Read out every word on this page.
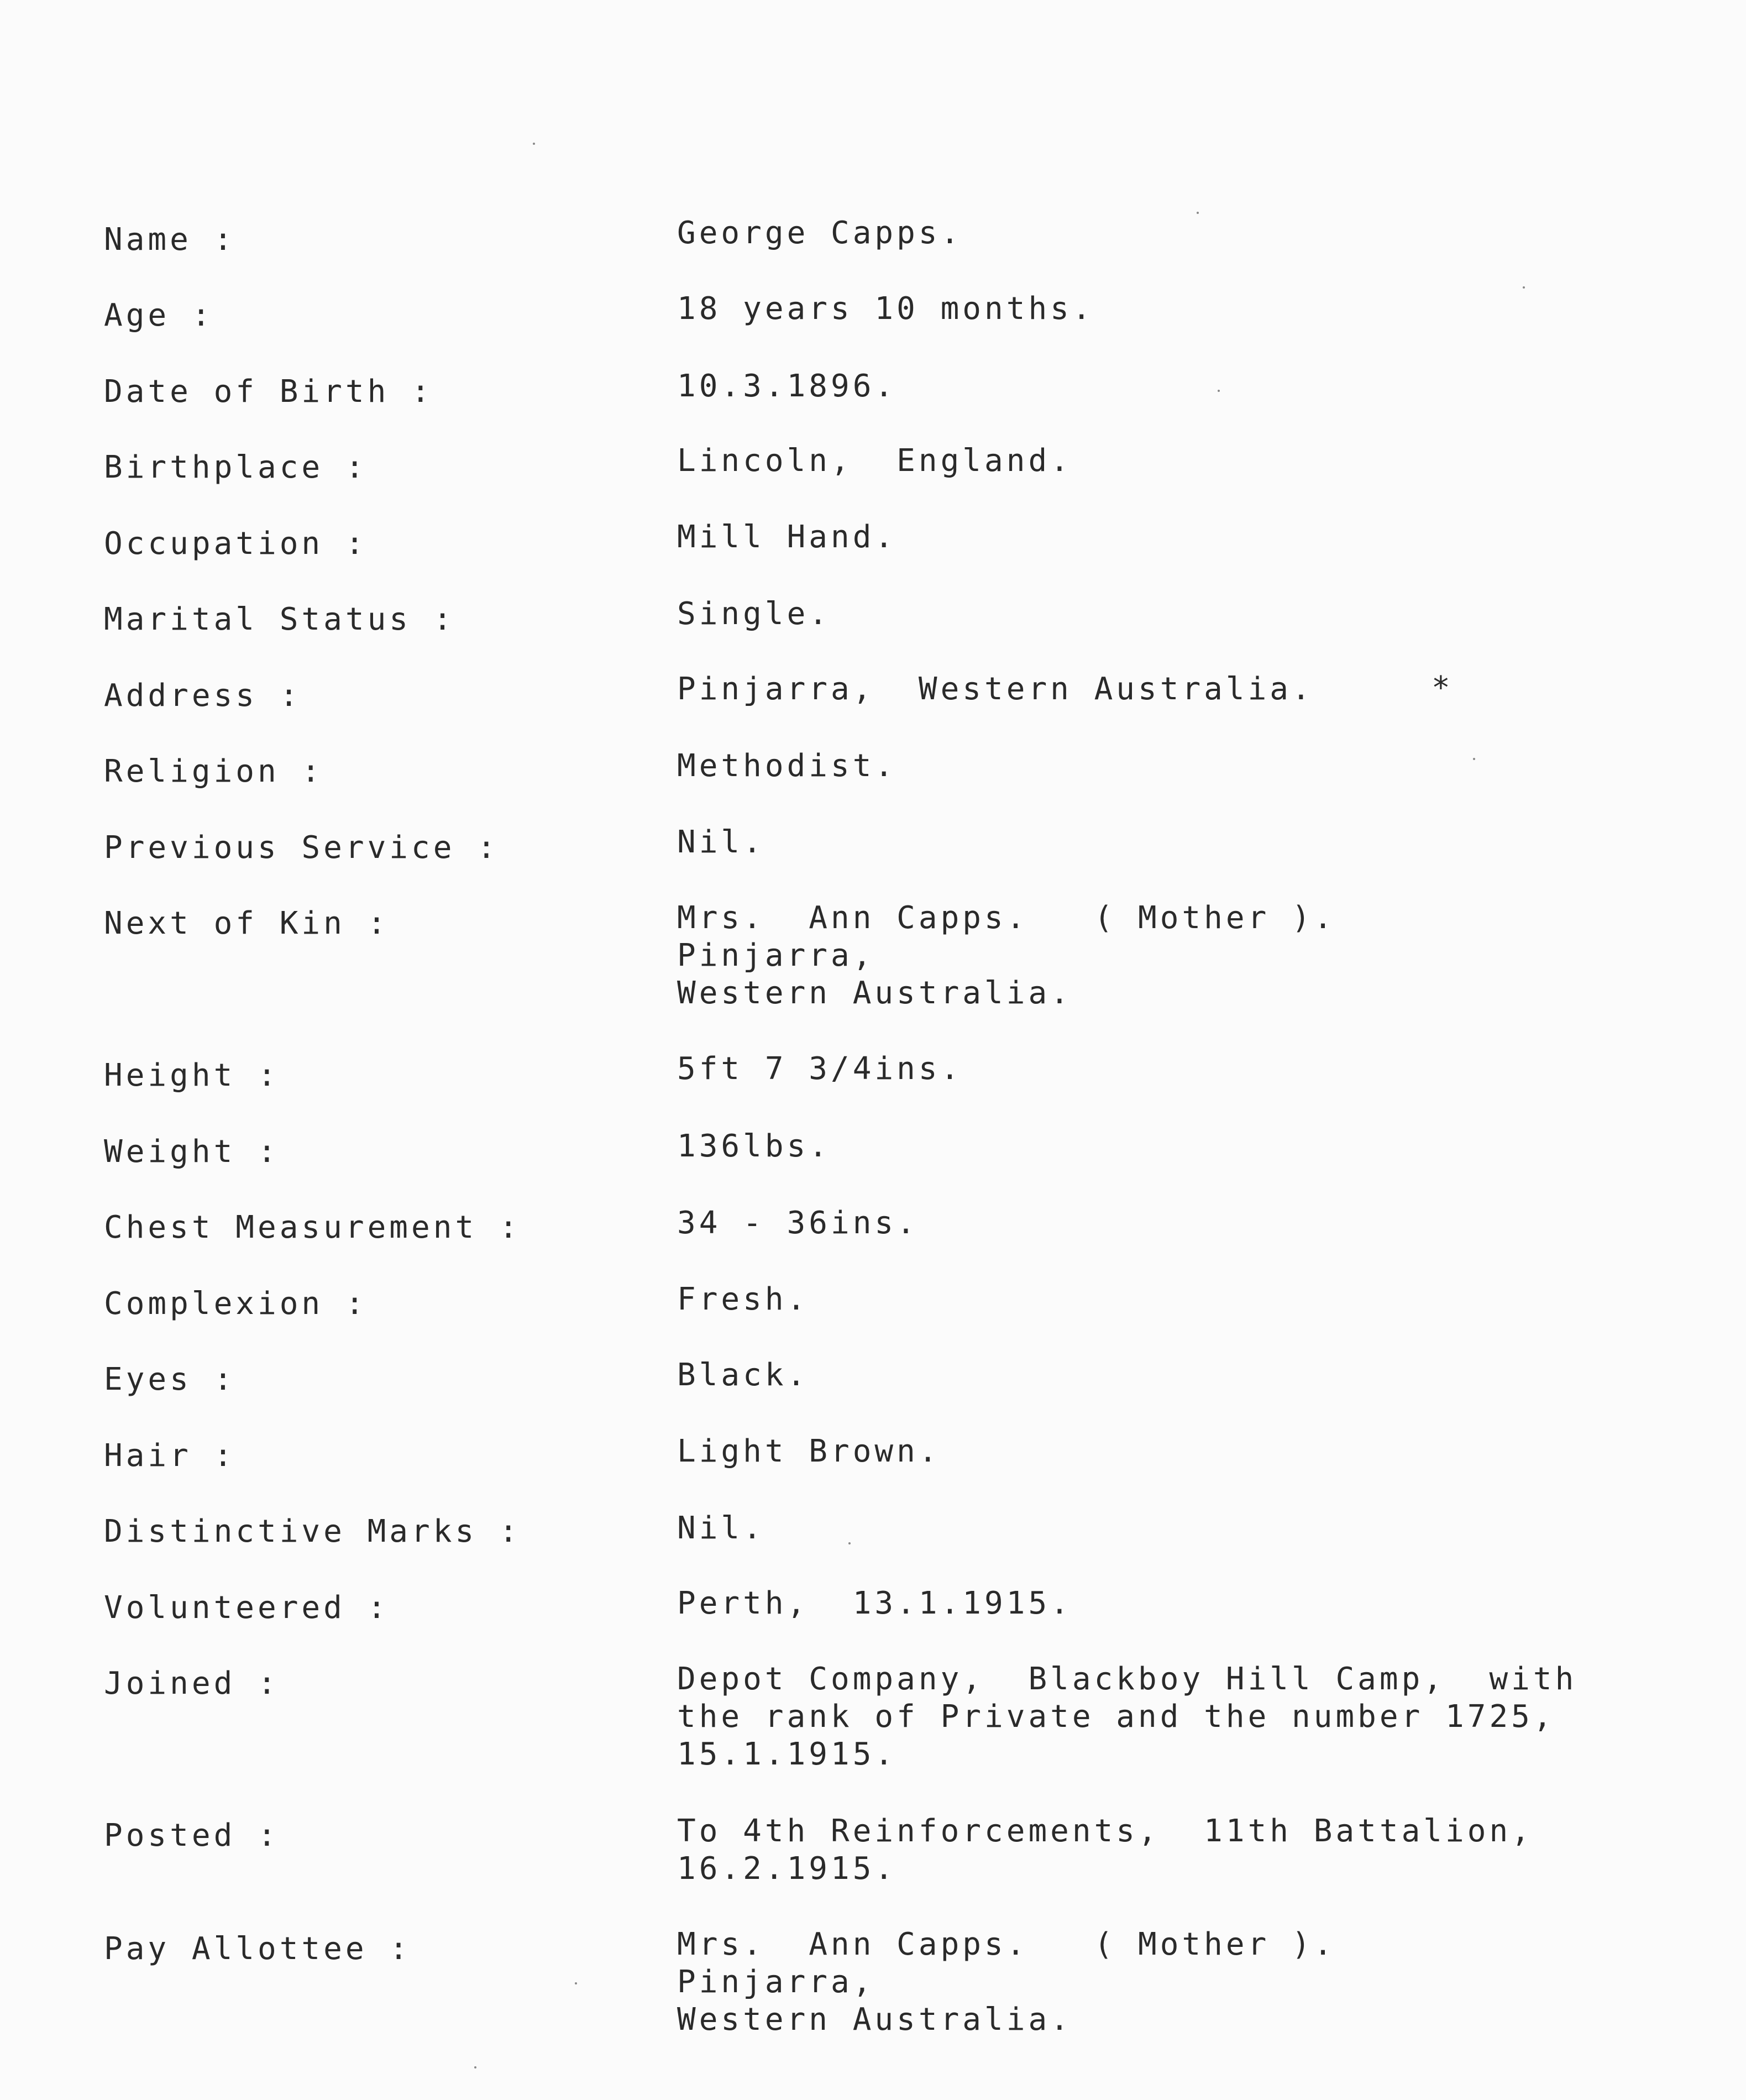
Name :	George Capps.
Age :	18 years 10 months.
Date of Birth :	10.3.1896.
Birthplace :	Lincoln,  England.
Occupation :	Mill Hand.
Marital Status :	Single.
Address :	Pinjarra,  Western Australia.	*
Religion :	Methodist.
Previous Service :	Nil.
Next of Kin :	Mrs.  Ann Capps.   ( Mother ).
Pinjarra,
Western Australia.
Height :	5ft 7 3/4ins.
Weight :	136lbs.
Chest Measurement :	34 - 36ins.
Complexion :	Fresh.
Eyes :	Black.
Hair :	Light Brown.
Distinctive Marks :	Nil.
Volunteered :	Perth,  13.1.1915.
Joined :	Depot Company,  Blackboy Hill Camp,  with
the rank of Private and the number 1725,
15.1.1915.
Posted :	To 4th Reinforcements,  11th Battalion,
16.2.1915.
Pay Allottee :	Mrs.  Ann Capps.   ( Mother ).
Pinjarra,
Western Australia.
